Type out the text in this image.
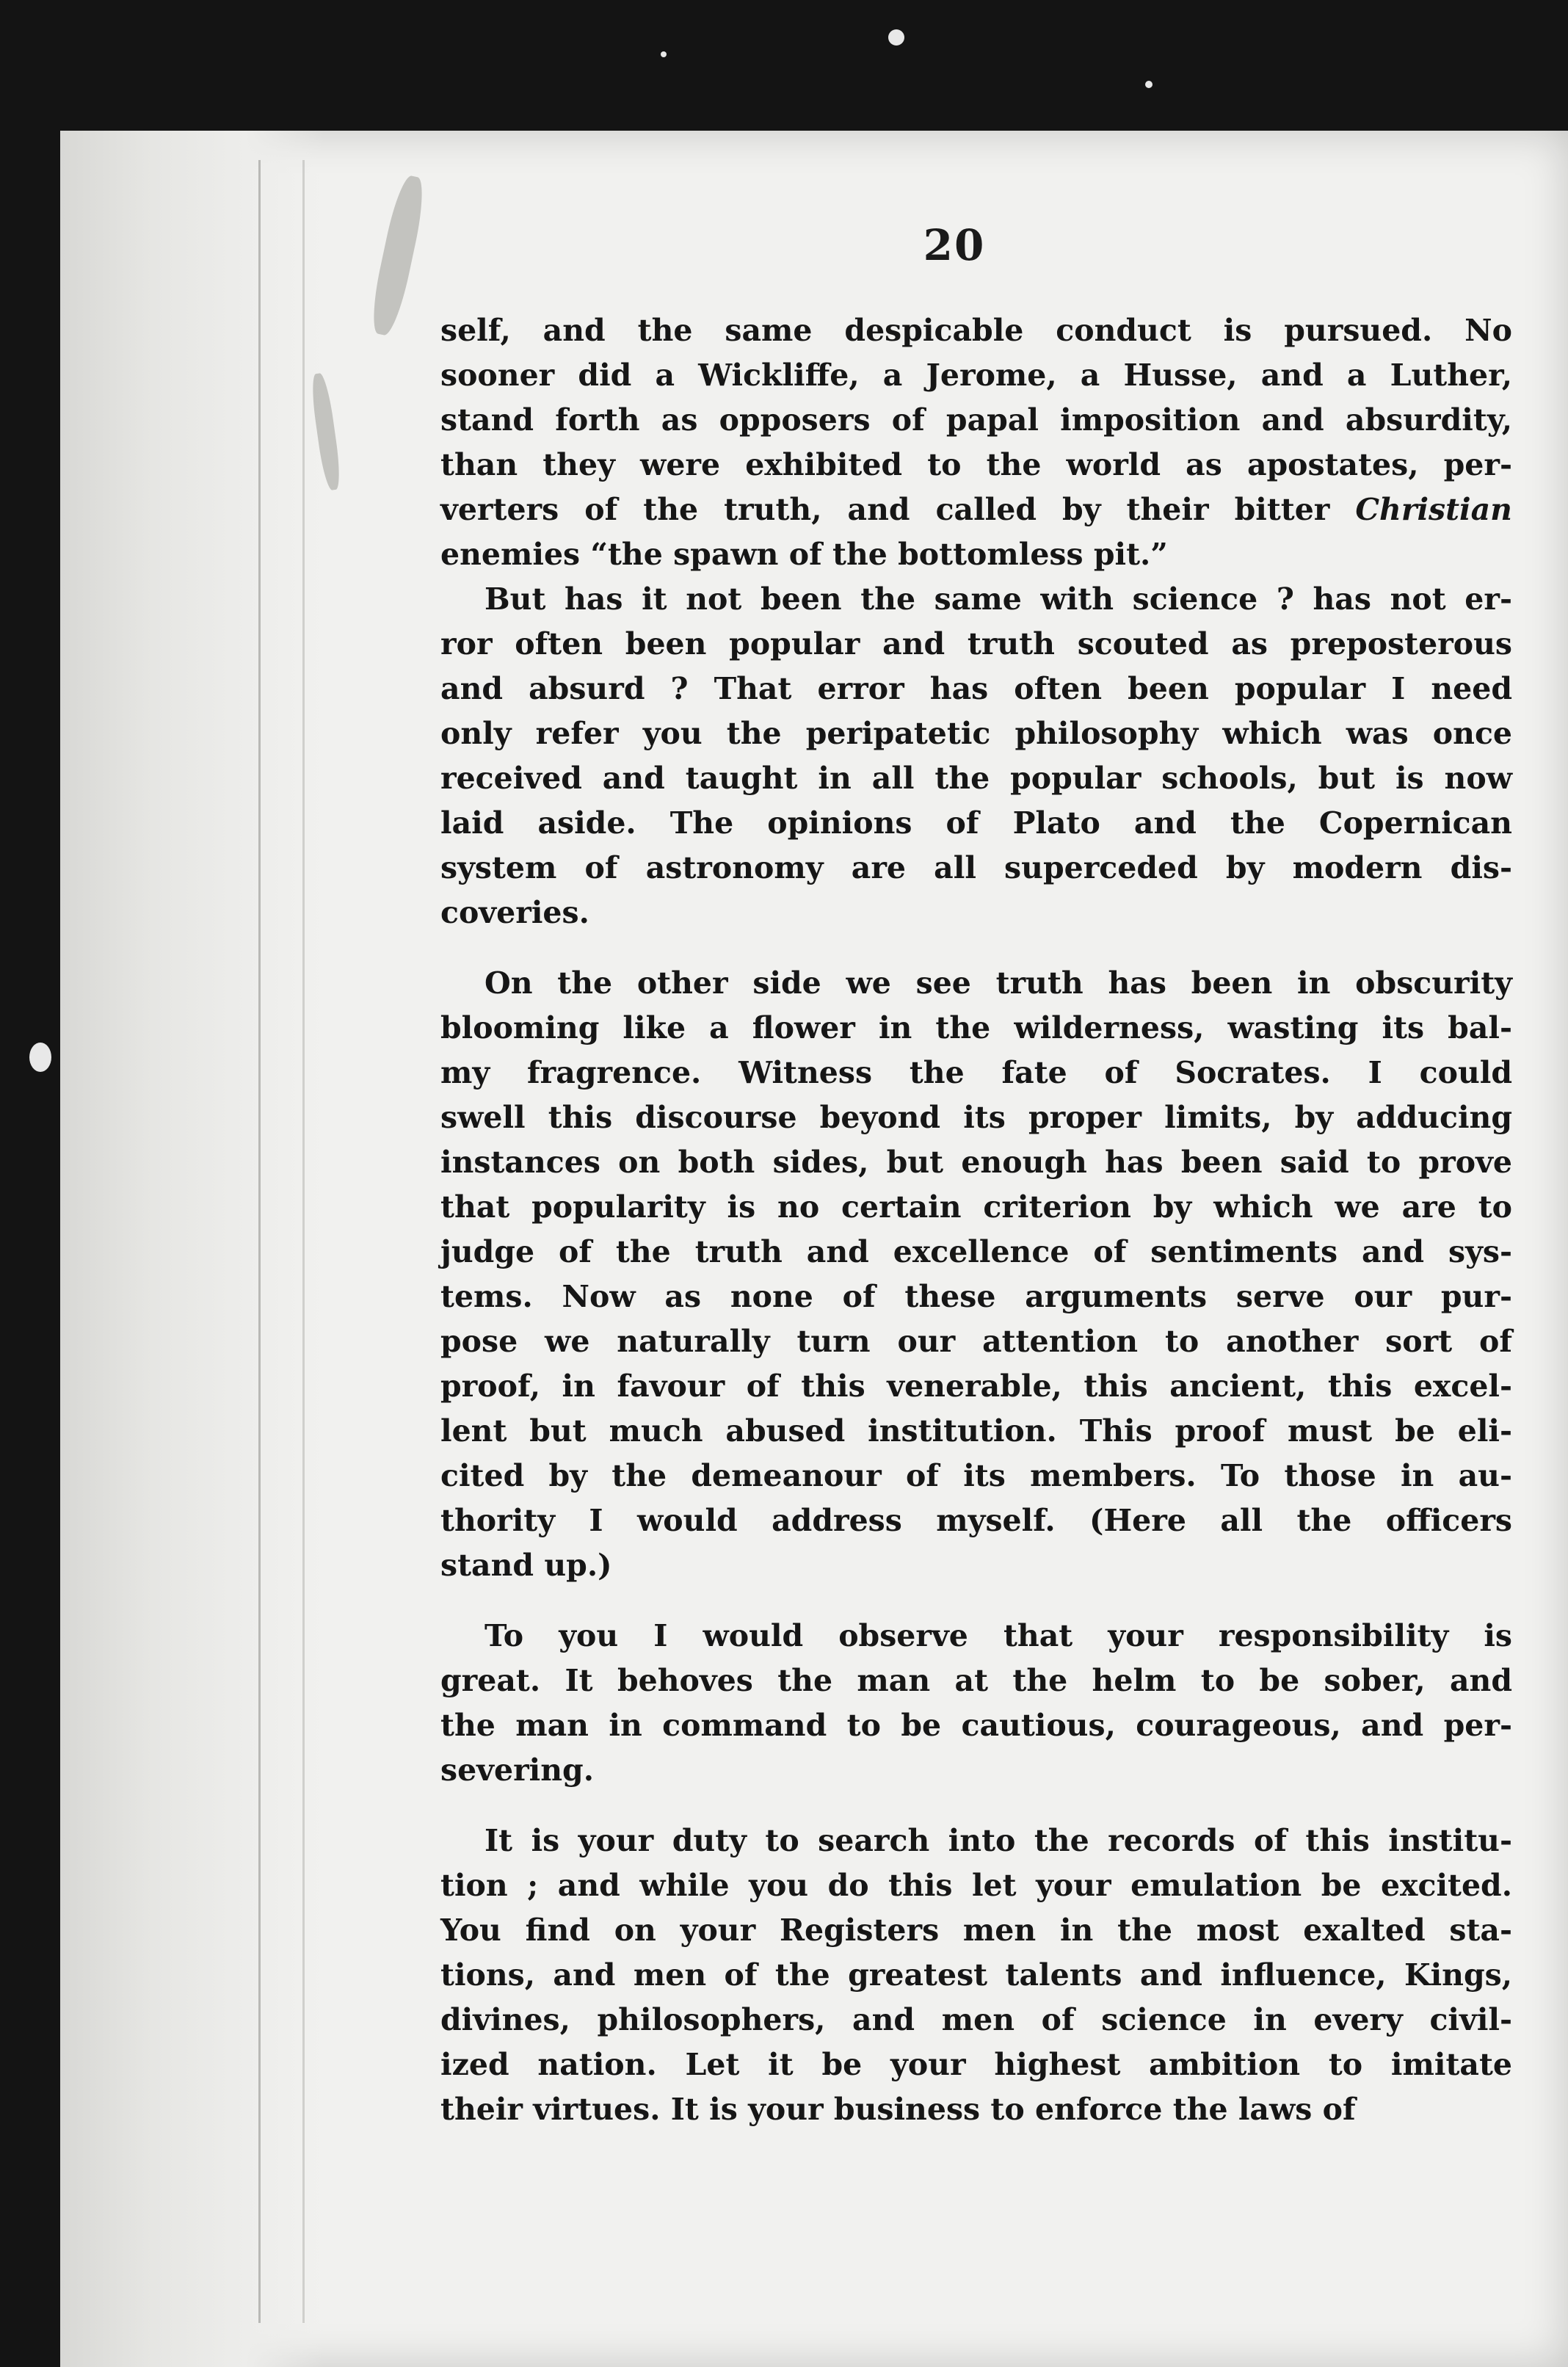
20
self, and the same despicable conduct is pursued. No
sooner did a Wickliffe, a Jerome, a Husse, and a Luther,
stand forth as opposers of papal imposition and absurdity,
than they were exhibited to the world as apostates, per-
verters of the truth, and called by their bitter Christian
enemies “the spawn of the bottomless pit.”
But has it not been the same with science ? has not er-
ror often been popular and truth scouted as preposterous
and absurd ? That error has often been popular I need
only refer you the peripatetic philosophy which was once
received and taught in all the popular schools, but is now
laid aside. The opinions of Plato and the Copernican
system of astronomy are all superceded by modern dis-
coveries.
On the other side we see truth has been in obscurity
blooming like a flower in the wilderness, wasting its bal-
my fragrence. Witness the fate of Socrates. I could
swell this discourse beyond its proper limits, by adducing
instances on both sides, but enough has been said to prove
that popularity is no certain criterion by which we are to
judge of the truth and excellence of sentiments and sys-
tems. Now as none of these arguments serve our pur-
pose we naturally turn our attention to another sort of
proof, in favour of this venerable, this ancient, this excel-
lent but much abused institution. This proof must be eli-
cited by the demeanour of its members. To those in au-
thority I would address myself. (Here all the officers
stand up.)
To you I would observe that your responsibility is
great. It behoves the man at the helm to be sober, and
the man in command to be cautious, courageous, and per-
severing.
It is your duty to search into the records of this institu-
tion ; and while you do this let your emulation be excited.
You find on your Registers men in the most exalted sta-
tions, and men of the greatest talents and influence, Kings,
divines, philosophers, and men of science in every civil-
ized nation. Let it be your highest ambition to imitate
their virtues. It is your business to enforce the laws of
